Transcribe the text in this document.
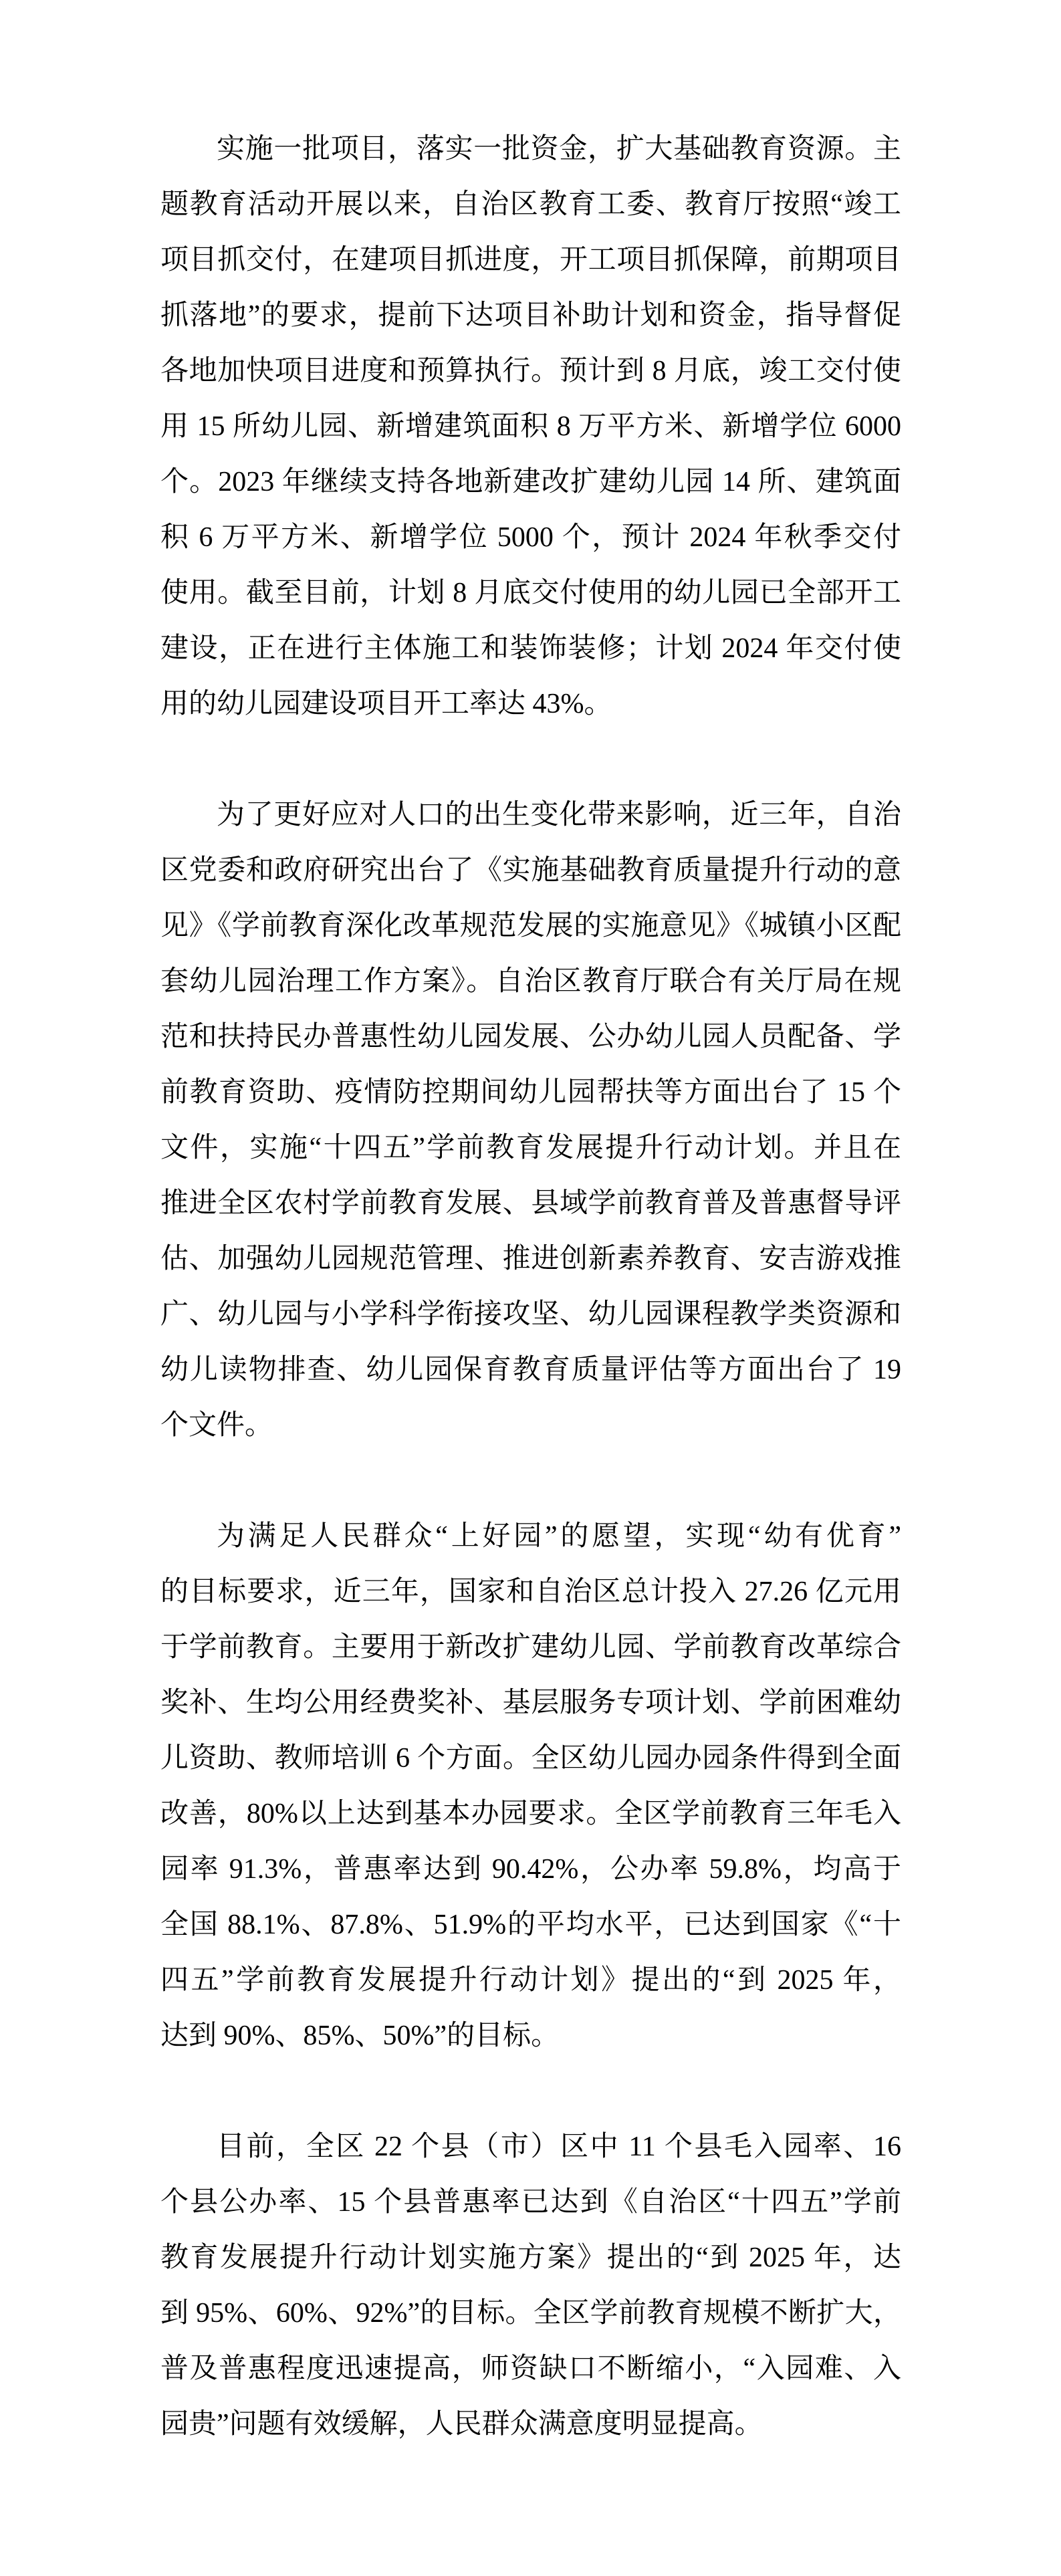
实施一批项目，落实一批资金，扩大基础教育资源。主
题教育活动开展以来，自治区教育工委、教育厅按照“竣工
项目抓交付，在建项目抓进度，开工项目抓保障，前期项目
抓落地”的要求，提前下达项目补助计划和资金，指导督促
各地加快项目进度和预算执行。预计到 8 月底，竣工交付使
用 15 所幼儿园、新增建筑面积 8 万平方米、新增学位 6000
个。2023 年继续支持各地新建改扩建幼儿园 14 所、建筑面
积 6 万平方米、新增学位 5000 个，预计 2024 年秋季交付
使用。截至目前，计划 8 月底交付使用的幼儿园已全部开工
建设，正在进行主体施工和装饰装修；计划 2024 年交付使
用的幼儿园建设项目开工率达 43%。
为了更好应对人口的出生变化带来影响，近三年，自治
区党委和政府研究出台了《实施基础教育质量提升行动的意
见》《学前教育深化改革规范发展的实施意见》《城镇小区配
套幼儿园治理工作方案》。自治区教育厅联合有关厅局在规
范和扶持民办普惠性幼儿园发展、公办幼儿园人员配备、学
前教育资助、疫情防控期间幼儿园帮扶等方面出台了 15 个
文件，实施“十四五”学前教育发展提升行动计划。并且在
推进全区农村学前教育发展、县域学前教育普及普惠督导评
估、加强幼儿园规范管理、推进创新素养教育、安吉游戏推
广、幼儿园与小学科学衔接攻坚、幼儿园课程教学类资源和
幼儿读物排查、幼儿园保育教育质量评估等方面出台了 19
个文件。
为满足人民群众“上好园”的愿望，实现“幼有优育”
的目标要求，近三年，国家和自治区总计投入 27.26 亿元用
于学前教育。主要用于新改扩建幼儿园、学前教育改革综合
奖补、生均公用经费奖补、基层服务专项计划、学前困难幼
儿资助、教师培训 6 个方面。全区幼儿园办园条件得到全面
改善，80%以上达到基本办园要求。全区学前教育三年毛入
园率 91.3%，普惠率达到 90.42%，公办率 59.8%，均高于
全国 88.1%、87.8%、51.9%的平均水平，已达到国家《“十
四五”学前教育发展提升行动计划》提出的“到 2025 年，
达到 90%、85%、50%”的目标。
目前，全区 22 个县（市）区中 11 个县毛入园率、16
个县公办率、15 个县普惠率已达到《自治区“十四五”学前
教育发展提升行动计划实施方案》提出的“到 2025 年，达
到 95%、60%、92%”的目标。全区学前教育规模不断扩大，
普及普惠程度迅速提高，师资缺口不断缩小，“入园难、入
园贵”问题有效缓解，人民群众满意度明显提高。
